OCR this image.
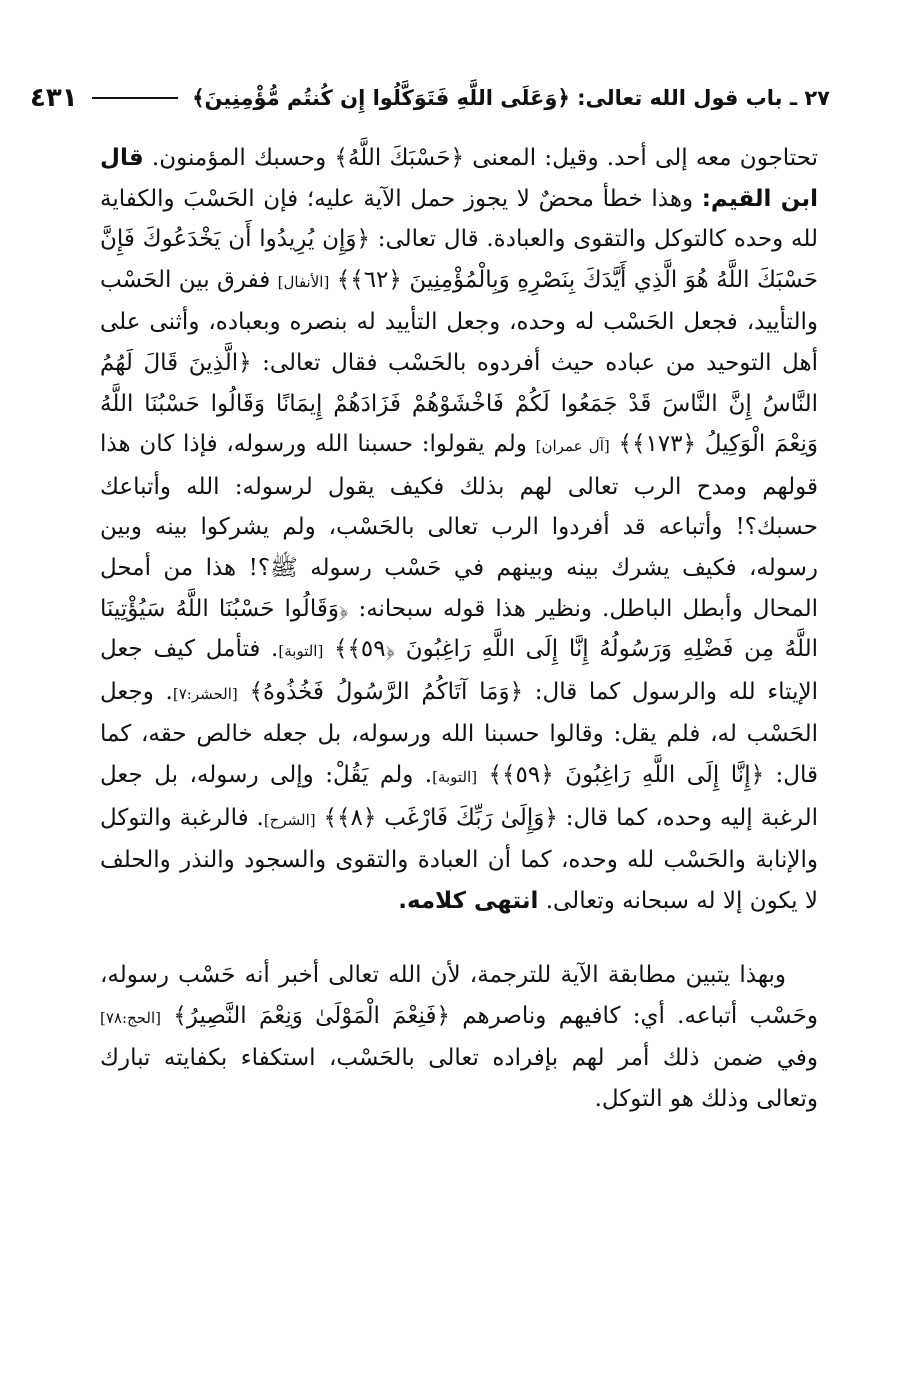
٢٧ ـ باب قول الله تعالى: ﴿وَعَلَى اللَّهِ فَتَوَكَّلُوا إِن كُنتُم مُّؤْمِنِينَ﴾
٤٣١

تحتاجون معه إلى أحد. وقيل: المعنى ﴿حَسْبَكَ اللَّهُ﴾ وحسبك المؤمنون. قال ابن القيم: وهذا خطأ محضٌ لا يجوز حمل الآية عليه؛ فإن الحَسْبَ والكفاية لله وحده كالتوكل والتقوى والعبادة. قال تعالى: ﴿وَإِن يُرِيدُوا أَن يَخْدَعُوكَ فَإِنَّ حَسْبَكَ اللَّهُ هُوَ الَّذِي أَيَّدَكَ بِنَصْرِهِ وَبِالْمُؤْمِنِينَ ﴿٦٢﴾﴾ [الأنفال] ففرق بين الحَسْب والتأييد، فجعل الحَسْب له وحده، وجعل التأييد له بنصره وبعباده، وأثنى على أهل التوحيد من عباده حيث أفردوه بالحَسْب فقال تعالى: ﴿الَّذِينَ قَالَ لَهُمُ النَّاسُ إِنَّ النَّاسَ قَدْ جَمَعُوا لَكُمْ فَاخْشَوْهُمْ فَزَادَهُمْ إِيمَانًا وَقَالُوا حَسْبُنَا اللَّهُ وَنِعْمَ الْوَكِيلُ ﴿١٧٣﴾﴾ [آل عمران] ولم يقولوا: حسبنا الله ورسوله، فإذا كان هذا قولهم ومدح الرب تعالى لهم بذلك فكيف يقول لرسوله: الله وأتباعك حسبك؟! وأتباعه قد أفردوا الرب تعالى بالحَسْب، ولم يشركوا بينه وبين رسوله، فكيف يشرك بينه وبينهم في حَسْب رسوله ﷺ؟! هذا من أمحل المحال وأبطل الباطل. ونظير هذا قوله سبحانه: ﴿وَقَالُوا حَسْبُنَا اللَّهُ سَيُؤْتِينَا اللَّهُ مِن فَضْلِهِ وَرَسُولُهُ إِنَّا إِلَى اللَّهِ رَاغِبُونَ ﴿٥٩﴾﴾ [التوبة]. فتأمل كيف جعل الإيتاء لله والرسول كما قال: ﴿وَمَا آتَاكُمُ الرَّسُولُ فَخُذُوهُ﴾ [الحشر:٧]. وجعل الحَسْب له، فلم يقل: وقالوا حسبنا الله ورسوله، بل جعله خالص حقه، كما قال: ﴿إِنَّا إِلَى اللَّهِ رَاغِبُونَ ﴿٥٩﴾﴾ [التوبة]. ولم يَقُلْ: وإلى رسوله، بل جعل الرغبة إليه وحده، كما قال: ﴿وَإِلَىٰ رَبِّكَ فَارْغَب ﴿٨﴾﴾ [الشرح]. فالرغبة والتوكل والإنابة والحَسْب لله وحده، كما أن العبادة والتقوى والسجود والنذر والحلف لا يكون إلا له سبحانه وتعالى. انتهى كلامه.

وبهذا يتبين مطابقة الآية للترجمة، لأن الله تعالى أخبر أنه حَسْب رسوله، وحَسْب أتباعه. أي: كافيهم وناصرهم ﴿فَنِعْمَ الْمَوْلَىٰ وَنِعْمَ النَّصِيرُ﴾ [الحج:٧٨] وفي ضمن ذلك أمر لهم بإفراده تعالى بالحَسْب، استكفاء بكفايته تبارك وتعالى وذلك هو التوكل.
